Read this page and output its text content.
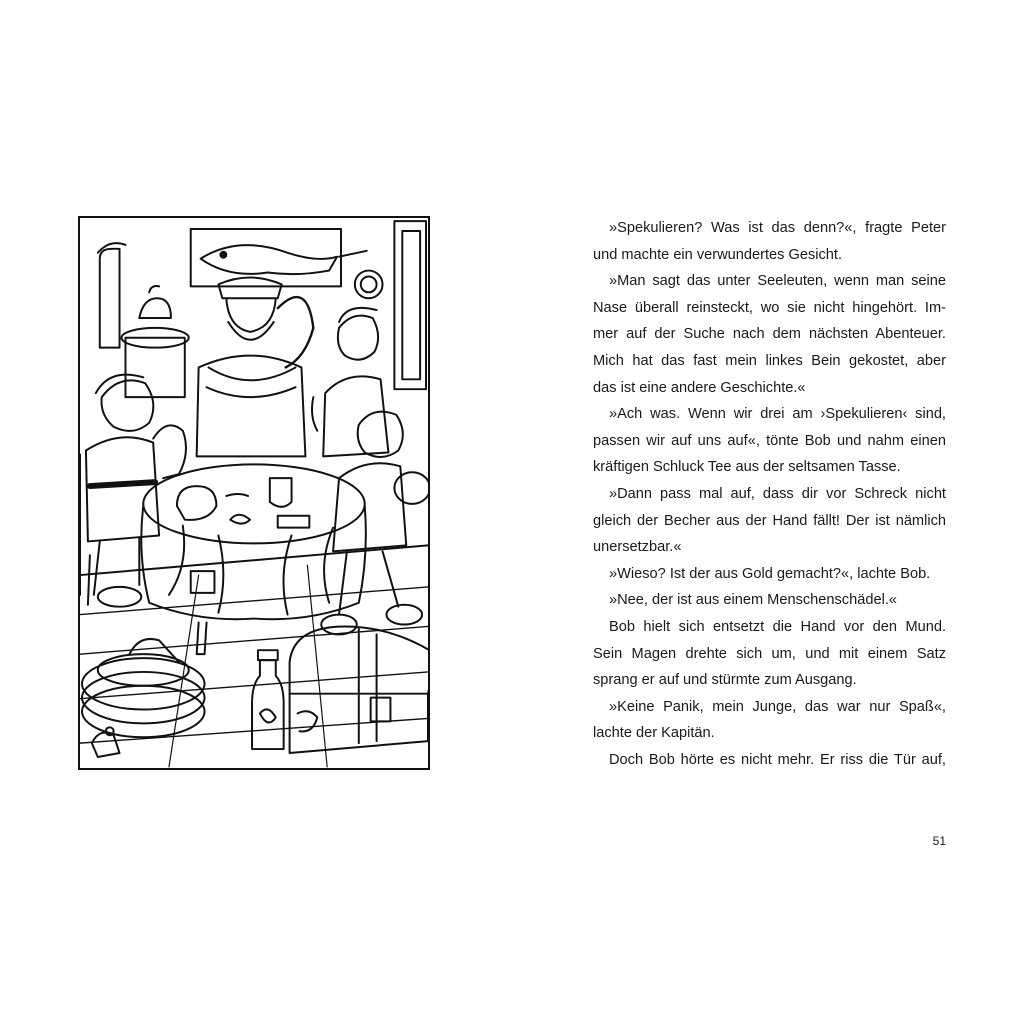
»Spekulieren? Was ist das denn?«, fragte Peter
und machte ein verwundertes Gesicht.
»Man sagt das unter Seeleuten, wenn man seine
Nase überall reinsteckt, wo sie nicht hingehört. Im-
mer auf der Suche nach dem nächsten Abenteuer.
Mich hat das fast mein linkes Bein gekostet, aber
das ist eine andere Geschichte.«
»Ach was. Wenn wir drei am ›Spekulieren‹ sind,
passen wir auf uns auf«, tönte Bob und nahm einen
kräftigen Schluck Tee aus der seltsamen Tasse.
»Dann pass mal auf, dass dir vor Schreck nicht
gleich der Becher aus der Hand fällt! Der ist nämlich
unersetzbar.«
»Wieso? Ist der aus Gold gemacht?«, lachte Bob.
»Nee, der ist aus einem Menschenschädel.«
Bob hielt sich entsetzt die Hand vor den Mund.
Sein Magen drehte sich um, und mit einem Satz
sprang er auf und stürmte zum Ausgang.
»Keine Panik, mein Junge, das war nur Spaß«,
lachte der Kapitän.
Doch Bob hörte es nicht mehr. Er riss die Tür auf,
51
